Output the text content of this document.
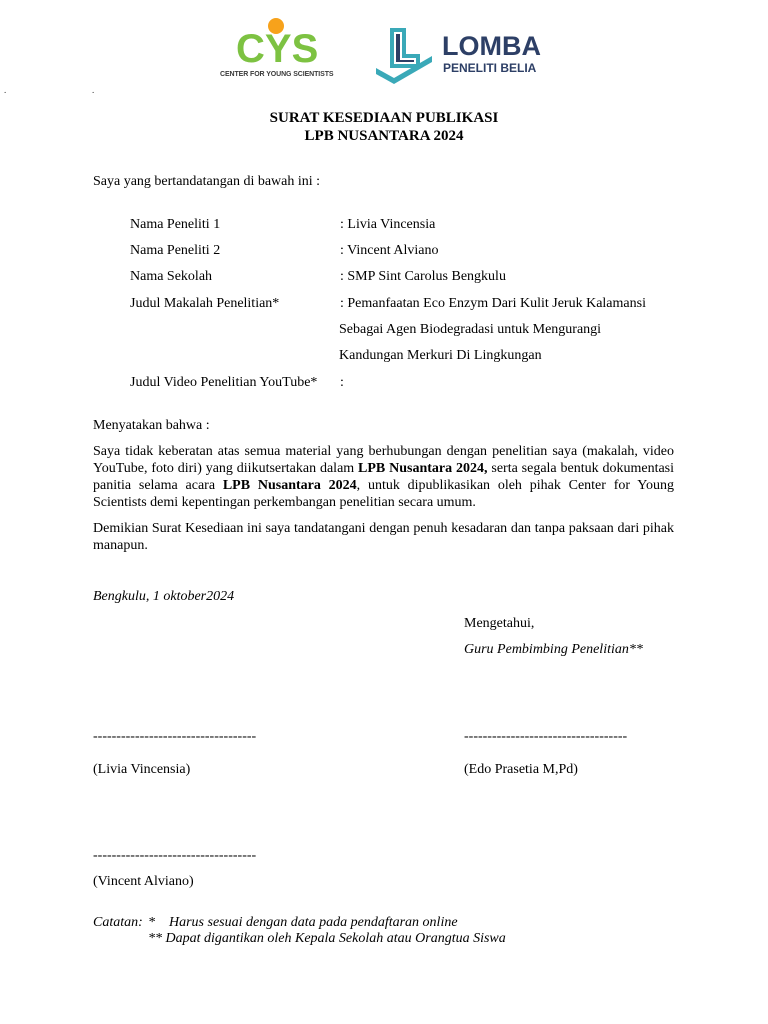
CYS
CENTER FOR YOUNG SCIENTISTS
LOMBA
PENELITI BELIA
.	.
SURAT KESEDIAAN PUBLIKASI
LPB NUSANTARA 2024
Saya yang bertandatangan di bawah ini :
Nama Peneliti 1	: Livia Vincensia
Nama Peneliti 2	: Vincent Alviano
Nama Sekolah	: SMP Sint Carolus Bengkulu
Judul Makalah Penelitian*	: Pemanfaatan Eco Enzym Dari Kulit Jeruk Kalamansi
Sebagai Agen Biodegradasi untuk Mengurangi
Kandungan Merkuri Di Lingkungan
Judul Video Penelitian YouTube* :
Menyatakan bahwa :
Saya tidak keberatan atas semua material yang berhubungan dengan penelitian saya (makalah, video YouTube, foto diri) yang diikutsertakan dalam LPB Nusantara 2024, serta segala bentuk dokumentasi panitia selama acara LPB Nusantara 2024, untuk dipublikasikan oleh pihak Center for Young Scientists demi kepentingan perkembangan penelitian secara umum.
Demikian Surat Kesediaan ini saya tandatangani dengan penuh kesadaran dan tanpa paksaan dari pihak manapun.
Bengkulu, 1 oktober2024
Mengetahui,
Guru Pembimbing Penelitian**
-----------------------------------	-----------------------------------
(Livia Vincensia)	(Edo Prasetia M,Pd)
-----------------------------------
(Vincent Alviano)
Catatan: *    Harus sesuai dengan data pada pendaftaran online
** Dapat digantikan oleh Kepala Sekolah atau Orangtua Siswa
